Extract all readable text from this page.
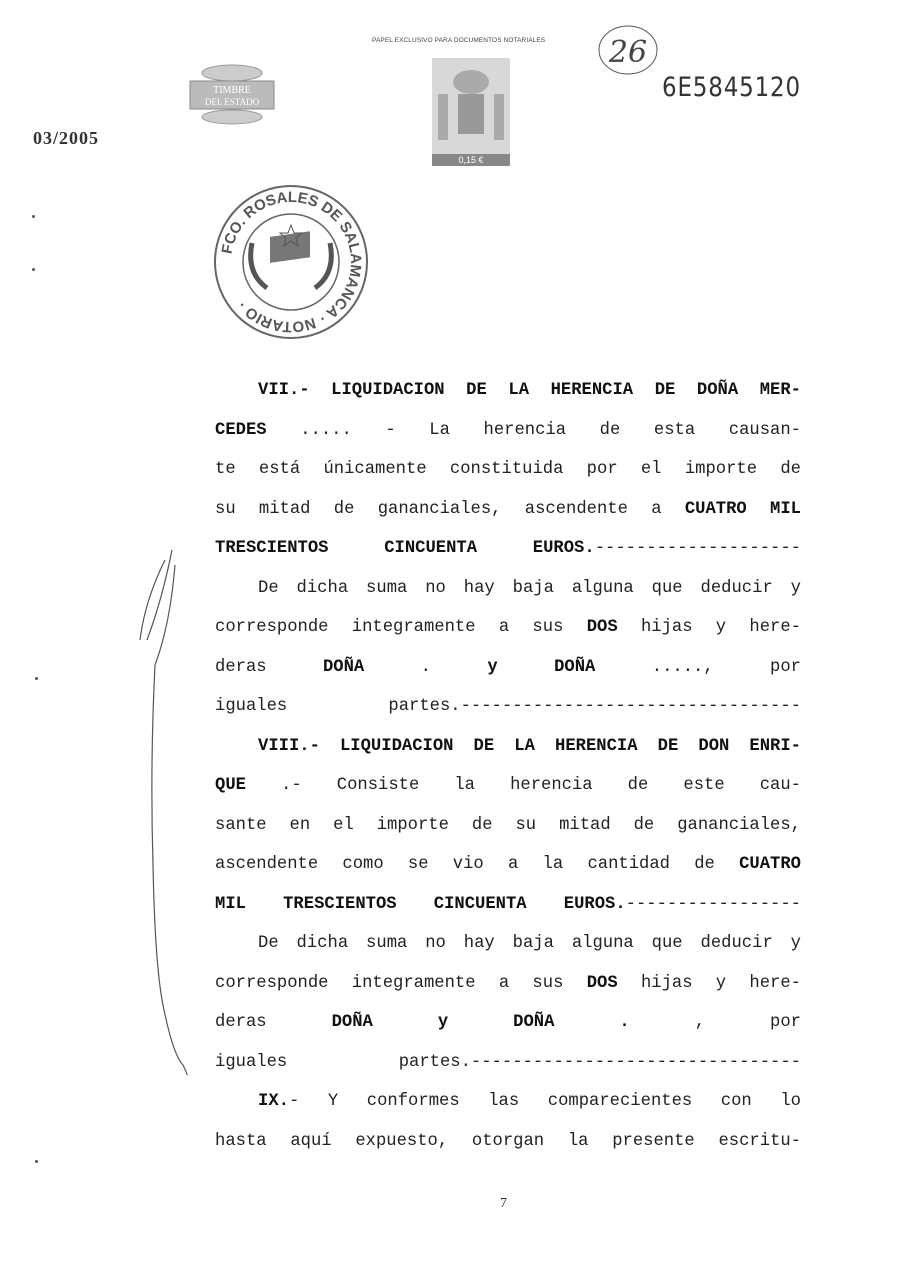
PAPEL EXCLUSIVO PARA DOCUMENTOS NOTARIALES
TIMBRE
DEL ESTADO
0,15 €
26
6E5845120
03/2005
FCO. ROSALES DE SALAMANCA · NOTARIO ·
VII.- LIQUIDACION DE LA HERENCIA DE DOÑA MER-
CEDES ..... - La herencia de esta causan-
te está únicamente constituida por el importe de
su mitad de gananciales, ascendente a CUATRO MIL
TRESCIENTOS CINCUENTA EUROS.--------------------
De dicha suma no hay baja alguna que deducir y
corresponde integramente a sus DOS hijas y here-
deras DOÑA . y DOÑA ....., por
iguales partes.---------------------------------
VIII.- LIQUIDACION DE LA HERENCIA DE DON ENRI-
QUE .- Consiste la herencia de este cau-
sante en el importe de su mitad de gananciales,
ascendente como se vio a la cantidad de CUATRO
MIL TRESCIENTOS CINCUENTA EUROS.-----------------
De dicha suma no hay baja alguna que deducir y
corresponde integramente a sus DOS hijas y here-
deras DOÑA	y DOÑA . , por
iguales partes.--------------------------------
IX.- Y conformes las comparecientes con lo
hasta aquí expuesto, otorgan la presente escritu-
7
